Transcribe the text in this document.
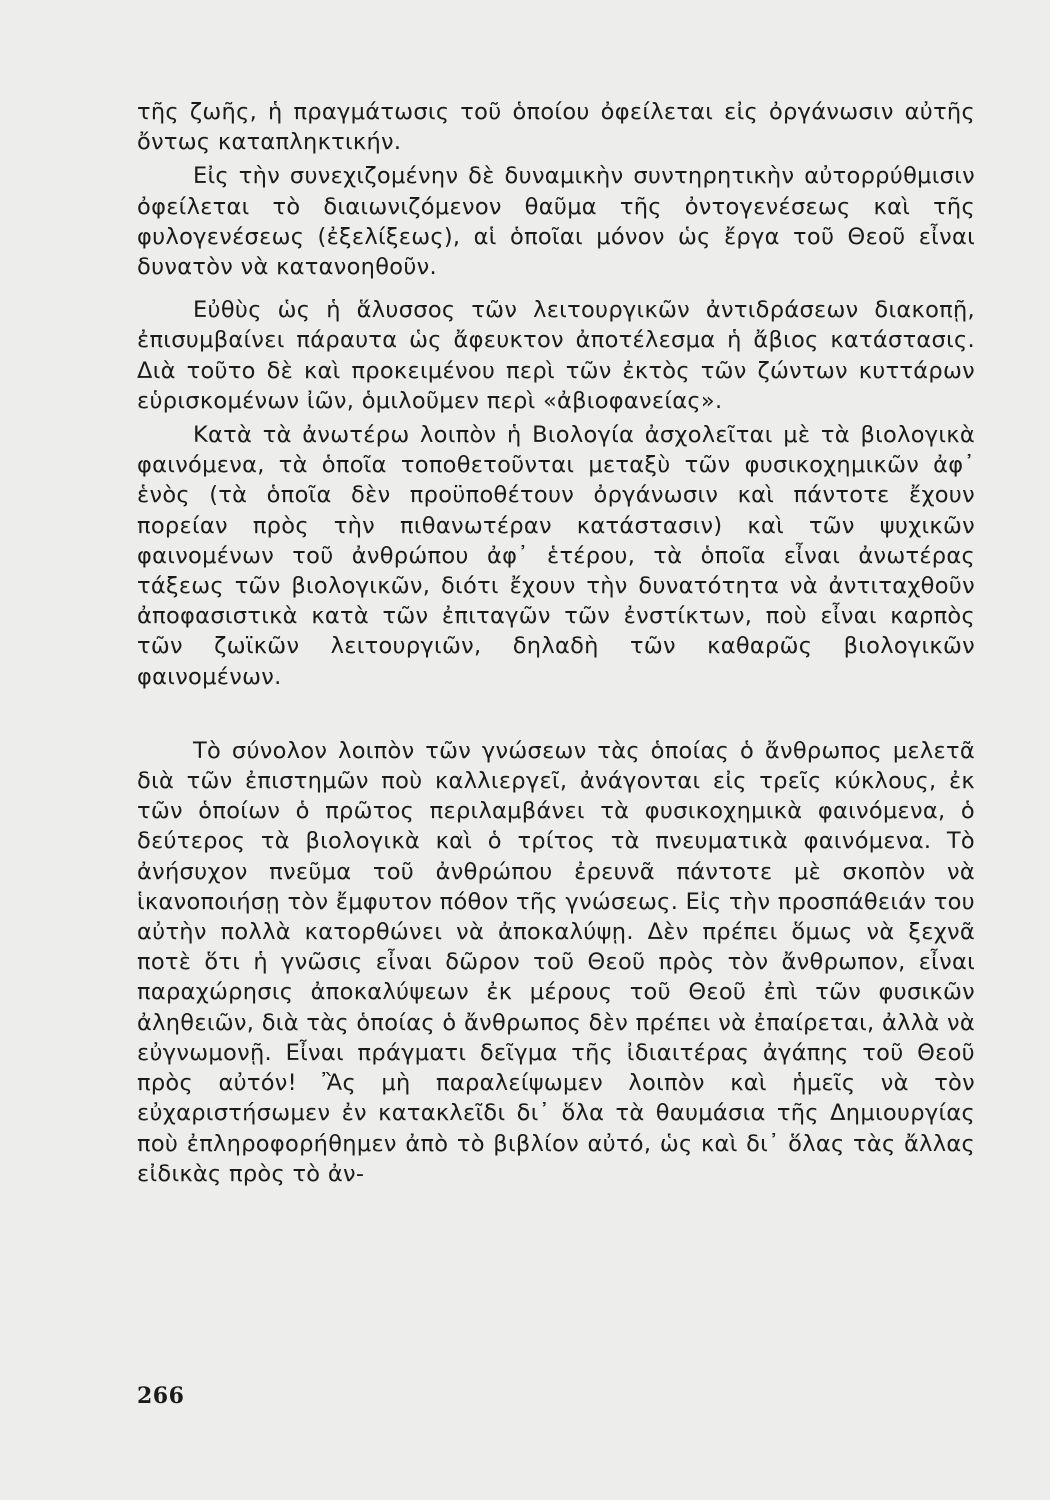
τῆς ζωῆς, ἡ πραγμάτωσις τοῦ ὁποίου ὀφείλεται εἰς ὀργάνωσιν αὐτῆς ὄντως καταπληκτικήν.

Εἰς τὴν συνεχιζομένην δὲ δυναμικὴν συντηρητικὴν αὐτορρύθμισιν ὀφείλεται τὸ διαιωνιζόμενον θαῦμα τῆς ὀντογενέσεως καὶ τῆς φυλογενέσεως (ἐξελίξεως), αἱ ὁποῖαι μόνον ὡς ἔργα τοῦ Θεοῦ εἶναι δυνατὸν νὰ κατανοηθοῦν.

Εὐθὺς ὡς ἡ ἅλυσσος τῶν λειτουργικῶν ἀντιδράσεων διακοπῇ, ἐπισυμβαίνει πάραυτα ὡς ἄφευκτον ἀποτέλεσμα ἡ ἄβιος κατάστασις. Διὰ τοῦτο δὲ καὶ προκειμένου περὶ τῶν ἐκτὸς τῶν ζώντων κυττάρων εὑρισκομένων ἰῶν, ὁμιλοῦμεν περὶ «ἀβιοφανείας».

Κατὰ τὰ ἀνωτέρω λοιπὸν ἡ Βιολογία ἀσχολεῖται μὲ τὰ βιολογικὰ φαινόμενα, τὰ ὁποῖα τοποθετοῦνται μεταξὺ τῶν φυσικοχημικῶν ἀφ᾽ ἑνὸς (τὰ ὁποῖα δὲν προϋποθέτουν ὀργάνωσιν καὶ πάντοτε ἔχουν πορείαν πρὸς τὴν πιθανωτέραν κατάστασιν) καὶ τῶν ψυχικῶν φαινομένων τοῦ ἀνθρώπου ἀφ᾽ ἑτέρου, τὰ ὁποῖα εἶναι ἀνωτέρας τάξεως τῶν βιολογικῶν, διότι ἔχουν τὴν δυνατότητα νὰ ἀντιταχθοῦν ἀποφασιστικὰ κατὰ τῶν ἐπιταγῶν τῶν ἐνστίκτων, ποὺ εἶναι καρπὸς τῶν ζωϊκῶν λειτουργιῶν, δηλαδὴ τῶν καθαρῶς βιολογικῶν φαινομένων.

Τὸ σύνολον λοιπὸν τῶν γνώσεων τὰς ὁποίας ὁ ἄνθρωπος μελετᾶ διὰ τῶν ἐπιστημῶν ποὺ καλλιεργεῖ, ἀνάγονται εἰς τρεῖς κύκλους, ἐκ τῶν ὁποίων ὁ πρῶτος περιλαμβάνει τὰ φυσικοχημικὰ φαινόμενα, ὁ δεύτερος τὰ βιολογικὰ καὶ ὁ τρίτος τὰ πνευματικὰ φαινόμενα. Τὸ ἀνήσυχον πνεῦμα τοῦ ἀνθρώπου ἐρευνᾶ πάντοτε μὲ σκοπὸν νὰ ἱκανοποιήσῃ τὸν ἔμφυτον πόθον τῆς γνώσεως. Εἰς τὴν προσπάθειάν του αὐτὴν πολλὰ κατορθώνει νὰ ἀποκαλύψῃ. Δὲν πρέπει ὅμως νὰ ξεχνᾶ ποτὲ ὅτι ἡ γνῶσις εἶναι δῶρον τοῦ Θεοῦ πρὸς τὸν ἄνθρωπον, εἶναι παραχώρησις ἀποκαλύψεων ἐκ μέρους τοῦ Θεοῦ ἐπὶ τῶν φυσικῶν ἀληθειῶν, διὰ τὰς ὁποίας ὁ ἄνθρωπος δὲν πρέπει νὰ ἐπαίρεται, ἀλλὰ νὰ εὐγνωμονῇ. Εἶναι πράγματι δεῖγμα τῆς ἰδιαιτέρας ἀγάπης τοῦ Θεοῦ πρὸς αὐτόν! Ἂς μὴ παραλείψωμεν λοιπὸν καὶ ἡμεῖς νὰ τὸν εὐχαριστήσωμεν ἐν κατακλεῖδι δι᾽ ὅλα τὰ θαυμάσια τῆς Δημιουργίας ποὺ ἐπληροφορήθημεν ἀπὸ τὸ βιβλίον αὐτό, ὡς καὶ δι᾽ ὅλας τὰς ἄλλας εἰδικὰς πρὸς τὸ ἀν-

266
